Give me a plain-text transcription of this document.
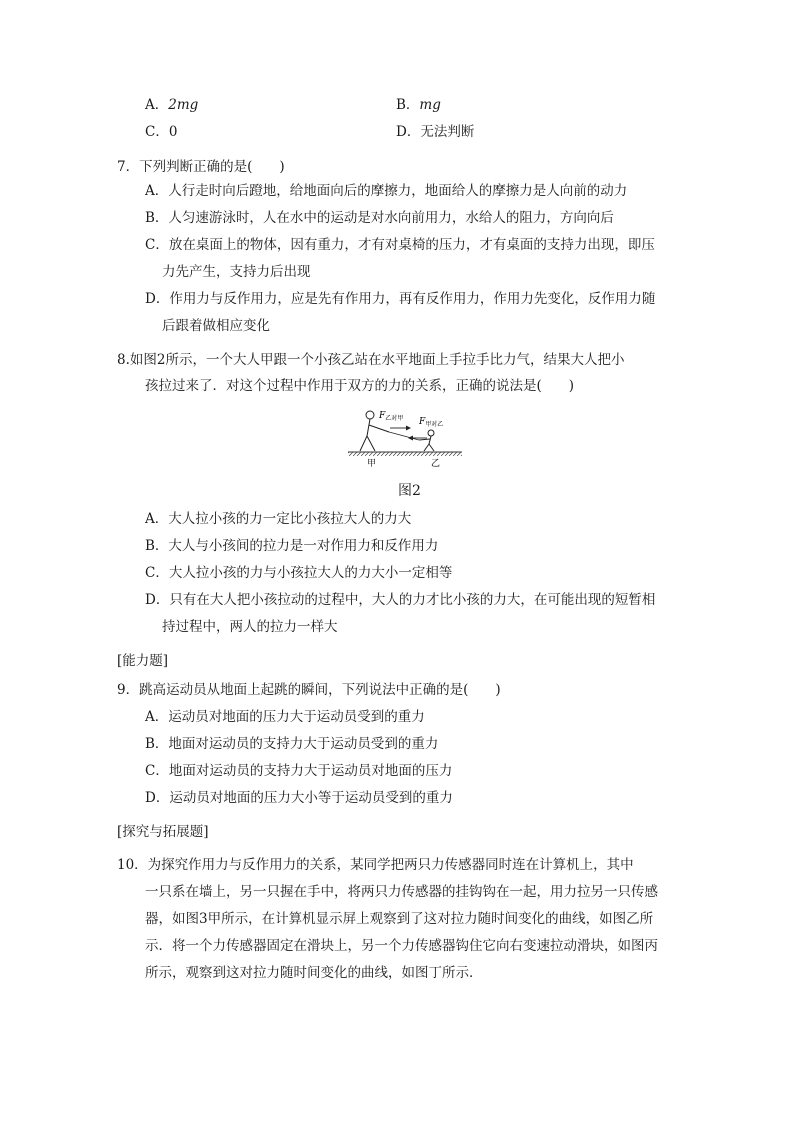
A．2mg	B．mg
C．0	D．无法判断
7．下列判断正确的是(　　)
A．人行走时向后蹬地，给地面向后的摩擦力，地面给人的摩擦力是人向前的动力
B．人匀速游泳时，人在水中的运动是对水向前用力，水给人的阻力，方向向后
C．放在桌面上的物体，因有重力，才有对桌椅的压力，才有桌面的支持力出现，即压
力先产生，支持力后出现
D．作用力与反作用力，应是先有作用力，再有反作用力，作用力先变化，反作用力随
后跟着做相应变化
8.如图2所示，一个大人甲跟一个小孩乙站在水平地面上手拉手比力气，结果大人把小
孩拉过来了．对这个过程中作用于双方的力的关系，正确的说法是(　　)
$F_{乙对甲}$ $F_{甲对乙}$
甲	乙
图2
A．大人拉小孩的力一定比小孩拉大人的力大
B．大人与小孩间的拉力是一对作用力和反作用力
C．大人拉小孩的力与小孩拉大人的力大小一定相等
D．只有在大人把小孩拉动的过程中，大人的力才比小孩的力大，在可能出现的短暂相
持过程中，两人的拉力一样大
[能力题]
9．跳高运动员从地面上起跳的瞬间，下列说法中正确的是(　　)
A．运动员对地面的压力大于运动员受到的重力
B．地面对运动员的支持力大于运动员受到的重力
C．地面对运动员的支持力大于运动员对地面的压力
D．运动员对地面的压力大小等于运动员受到的重力
[探究与拓展题]
10．为探究作用力与反作用力的关系，某同学把两只力传感器同时连在计算机上，其中
一只系在墙上，另一只握在手中，将两只力传感器的挂钩钩在一起，用力拉另一只传感
器，如图3甲所示，在计算机显示屏上观察到了这对拉力随时间变化的曲线，如图乙所
示．将一个力传感器固定在滑块上，另一个力传感器钩住它向右变速拉动滑块，如图丙
所示，观察到这对拉力随时间变化的曲线，如图丁所示．
